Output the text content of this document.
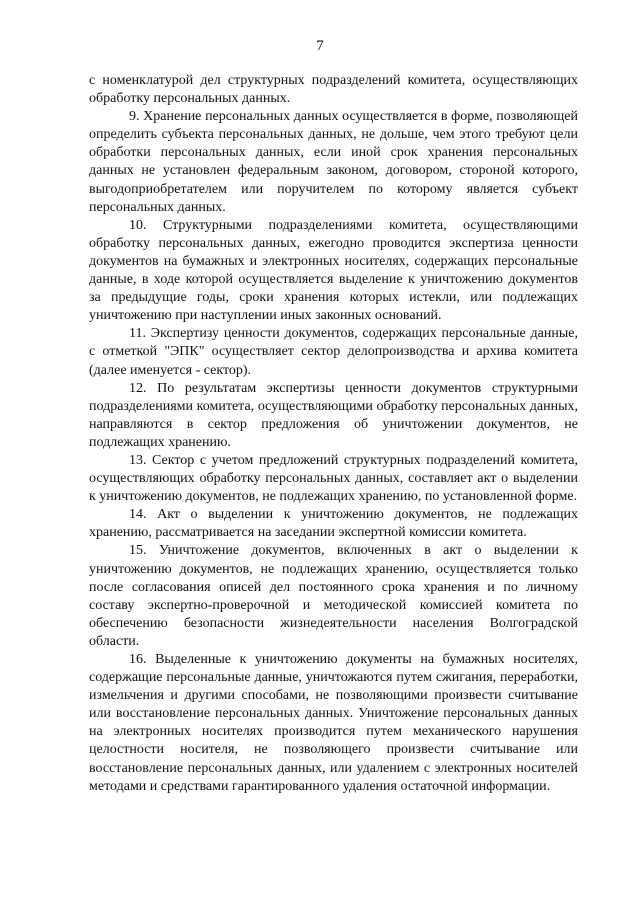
7

с номенклатурой дел структурных подразделений комитета, осуществляющих обработку персональных данных.

9. Хранение персональных данных осуществляется в форме, позволяющей определить субъекта персональных данных, не дольше, чем этого требуют цели обработки персональных данных, если иной срок хранения персональных данных не установлен федеральным законом, договором, стороной которого, выгодоприобретателем или поручителем по которому является субъект персональных данных.

10. Структурными подразделениями комитета, осуществляющими обработку персональных данных, ежегодно проводится экспертиза ценности документов на бумажных и электронных носителях, содержащих персональные данные, в ходе которой осуществляется выделение к уничтожению документов за предыдущие годы, сроки хранения которых истекли, или подлежащих уничтожению при наступлении иных законных оснований.

11. Экспертизу ценности документов, содержащих персональные данные, с отметкой "ЭПК" осуществляет сектор делопроизводства и архива комитета (далее именуется - сектор).

12. По результатам экспертизы ценности документов структурными подразделениями комитета, осуществляющими обработку персональных данных, направляются в сектор предложения об уничтожении документов, не подлежащих хранению.

13. Сектор с учетом предложений структурных подразделений комитета, осуществляющих обработку персональных данных, составляет акт о выделении к уничтожению документов, не подлежащих хранению, по установленной форме.

14. Акт о выделении к уничтожению документов, не подлежащих хранению, рассматривается на заседании экспертной комиссии комитета.

15. Уничтожение документов, включенных в акт о выделении к уничтожению документов, не подлежащих хранению, осуществляется только после согласования описей дел постоянного срока хранения и по личному составу экспертно-проверочной и методической комиссией комитета по обеспечению безопасности жизнедеятельности населения Волгоградской области.

16. Выделенные к уничтожению документы на бумажных носителях, содержащие персональные данные, уничтожаются путем сжигания, переработки, измельчения и другими способами, не позволяющими произвести считывание или восстановление персональных данных. Уничтожение персональных данных на электронных носителях производится путем механического нарушения целостности носителя, не позволяющего произвести считывание или восстановление персональных данных, или удалением с электронных носителей методами и средствами гарантированного удаления остаточной информации.
